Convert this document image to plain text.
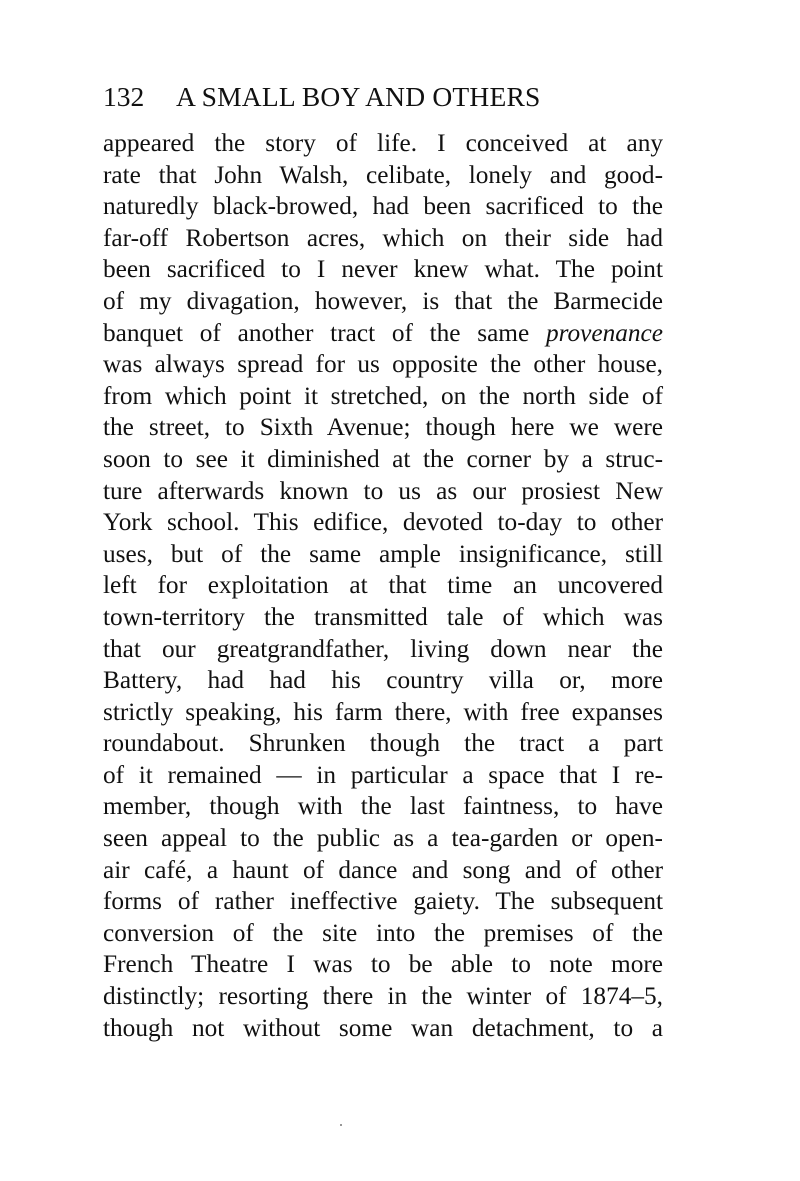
132 A SMALL BOY AND OTHERS
appeared the story of life. I conceived at any
rate that John Walsh, celibate, lonely and good-
naturedly black-browed, had been sacrificed to the
far-off Robertson acres, which on their side had
been sacrificed to I never knew what. The point
of my divagation, however, is that the Barmecide
banquet of another tract of the same provenance
was always spread for us opposite the other house,
from which point it stretched, on the north side of
the street, to Sixth Avenue; though here we were
soon to see it diminished at the corner by a struc-
ture afterwards known to us as our prosiest New
York school. This edifice, devoted to-day to other
uses, but of the same ample insignificance, still
left for exploitation at that time an uncovered
town-territory the transmitted tale of which was
that our greatgrandfather, living down near the
Battery, had had his country villa or, more
strictly speaking, his farm there, with free expanses
roundabout. Shrunken though the tract a part
of it remained — in particular a space that I re-
member, though with the last faintness, to have
seen appeal to the public as a tea-garden or open-
air café, a haunt of dance and song and of other
forms of rather ineffective gaiety. The subsequent
conversion of the site into the premises of the
French Theatre I was to be able to note more
distinctly; resorting there in the winter of 1874–5,
though not without some wan detachment, to a
